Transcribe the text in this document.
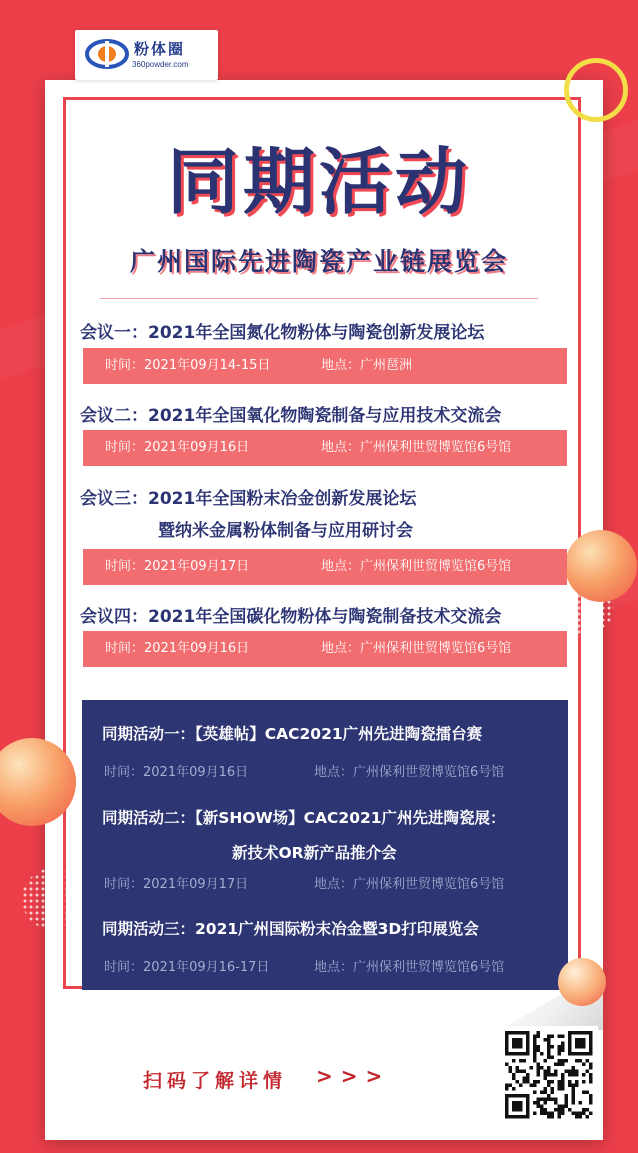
粉体圈
360powder.com
同期活动
广州国际先进陶瓷产业链展览会
会议一：2021年全国氮化物粉体与陶瓷创新发展论坛
时间：2021年09月14-15日	地点：广州琶洲
会议二：2021年全国氧化物陶瓷制备与应用技术交流会
时间：2021年09月16日	地点：广州保利世贸博览馆6号馆
会议三：2021年全国粉末冶金创新发展论坛
暨纳米金属粉体制备与应用研讨会
时间：2021年09月17日	地点：广州保利世贸博览馆6号馆
会议四：2021年全国碳化物粉体与陶瓷制备技术交流会
时间：2021年09月16日	地点：广州保利世贸博览馆6号馆
同期活动一：【英雄帖】CAC2021广州先进陶瓷擂台赛
时间：2021年09月16日	地点：广州保利世贸博览馆6号馆
同期活动二：【新SHOW场】CAC2021广州先进陶瓷展：
新技术OR新产品推介会
时间：2021年09月17日	地点：广州保利世贸博览馆6号馆
同期活动三：2021广州国际粉末冶金暨3D打印展览会
时间：2021年09月16-17日	地点：广州保利世贸博览馆6号馆
扫码了解详情 >>>
